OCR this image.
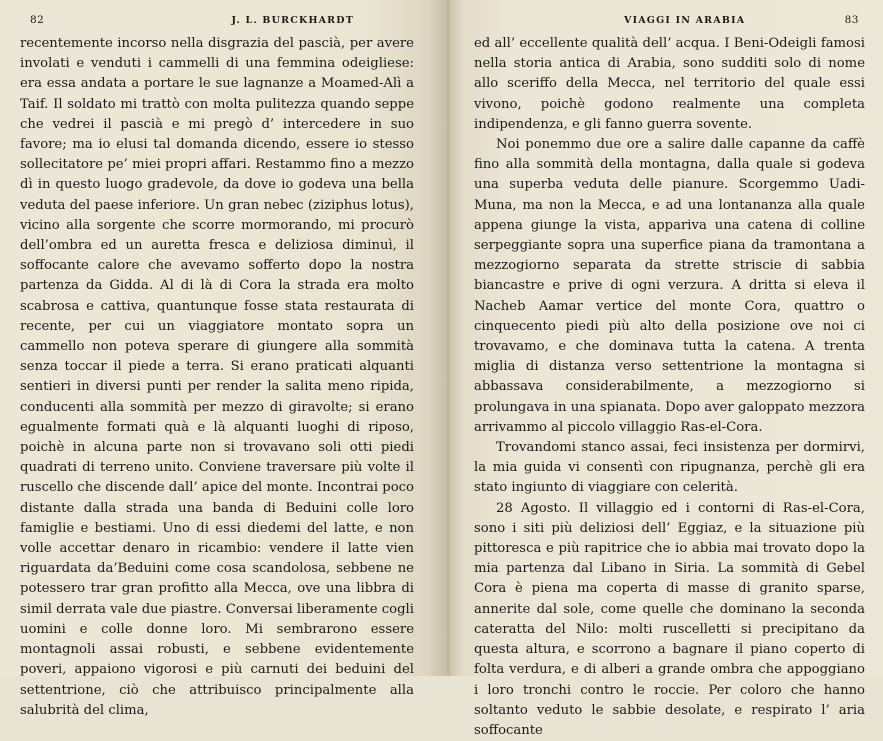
82	J. L. BURCKHARDT

recentemente incorso nella disgrazia del pascià, per avere involati e venduti i cammelli di una femmina odeigliese: era essa andata a portare le sue lagnanze a Moamed-Alì a Taif. Il soldato mi trattò con molta pulitezza quando seppe che vedrei il pascià e mi pregò d’ intercedere in suo favore; ma io elusi tal domanda dicendo, essere io stesso sollecitatore pe’ miei propri affari. Restammo fino a mezzo dì in questo luogo gradevole, da dove io godeva una bella veduta del paese inferiore. Un gran nebec (ziziphus lotus), vicino alla sorgente che scorre mormorando, mi procurò dell’ombra ed un auretta fresca e deliziosa diminuì, il soffocante calore che avevamo sofferto dopo la nostra partenza da Gidda. Al di là di Cora la strada era molto scabrosa e cattiva, quantunque fosse stata restaurata di recente, per cui un viaggiatore montato sopra un cammello non poteva sperare di giungere alla sommità senza toccar il piede a terra. Si erano praticati alquanti sentieri in diversi punti per render la salita meno ripida, conducenti alla sommità per mezzo di giravolte; si erano egualmente formati quà e là alquanti luoghi di riposo, poichè in alcuna parte non si trovavano soli otti piedi quadrati di terreno unito. Conviene traversare più volte il ruscello che discende dall’ apice del monte. Incontrai poco distante dalla strada una banda di Beduini colle loro famiglie e bestiami. Uno di essi diedemi del latte, e non volle accettar denaro in ricambio: vendere il latte vien riguardata da’Beduini come cosa scandolosa, sebbene ne potessero trar gran profitto alla Mecca, ove una libbra di simil derrata vale due piastre. Conversai liberamente cogli uomini e colle donne loro. Mi sembrarono essere montagnoli assai robusti, e sebbene evidentemente poveri, appaiono vigorosi e più carnuti dei beduini del settentrione, ciò che attribuisco principalmente alla salubrità del clima,

VIAGGI IN ARABIA	83

ed all’ eccellente qualità dell’ acqua. I Beni-Odeigli famosi nella storia antica di Arabia, sono sudditi solo di nome allo sceriffo della Mecca, nel territorio del quale essi vivono, poichè godono realmente una completa indipendenza, e gli fanno guerra sovente.

Noi ponemmo due ore a salire dalle capanne da caffè fino alla sommità della montagna, dalla quale si godeva una superba veduta delle pianure. Scorgemmo Uadi-Muna, ma non la Mecca, e ad una lontananza alla quale appena giunge la vista, appariva una catena di colline serpeggiante sopra una superfice piana da tramontana a mezzogiorno separata da strette striscie di sabbia biancastre e prive di ogni verzura. A dritta si eleva il Nacheb Aamar vertice del monte Cora, quattro o cinquecento piedi più alto della posizione ove noi ci trovavamo, e che dominava tutta la catena. A trenta miglia di distanza verso settentrione la montagna si abbassava considerabilmente, a mezzogiorno si prolungava in una spianata. Dopo aver galoppato mezzora arrivammo al piccolo villaggio Ras-el-Cora.

Trovandomi stanco assai, feci insistenza per dormirvi, la mia guida vi consentì con ripugnanza, perchè gli era stato ingiunto di viaggiare con celerità.

28 Agosto. Il villaggio ed i contorni di Ras-el-Cora, sono i siti più deliziosi dell’ Eggiaz, e la situazione più pittoresca e più rapitrice che io abbia mai trovato dopo la mia partenza dal Libano in Siria. La sommità di Gebel Cora è piena ma coperta di masse di granito sparse, annerite dal sole, come quelle che dominano la seconda cateratta del Nilo: molti ruscelletti si precipitano da questa altura, e scorrono a bagnare il piano coperto di folta verdura, e di alberi a grande ombra che appoggiano i loro tronchi contro le roccie. Per coloro che hanno soltanto veduto le sabbie desolate, e respirato l’ aria soffocante
